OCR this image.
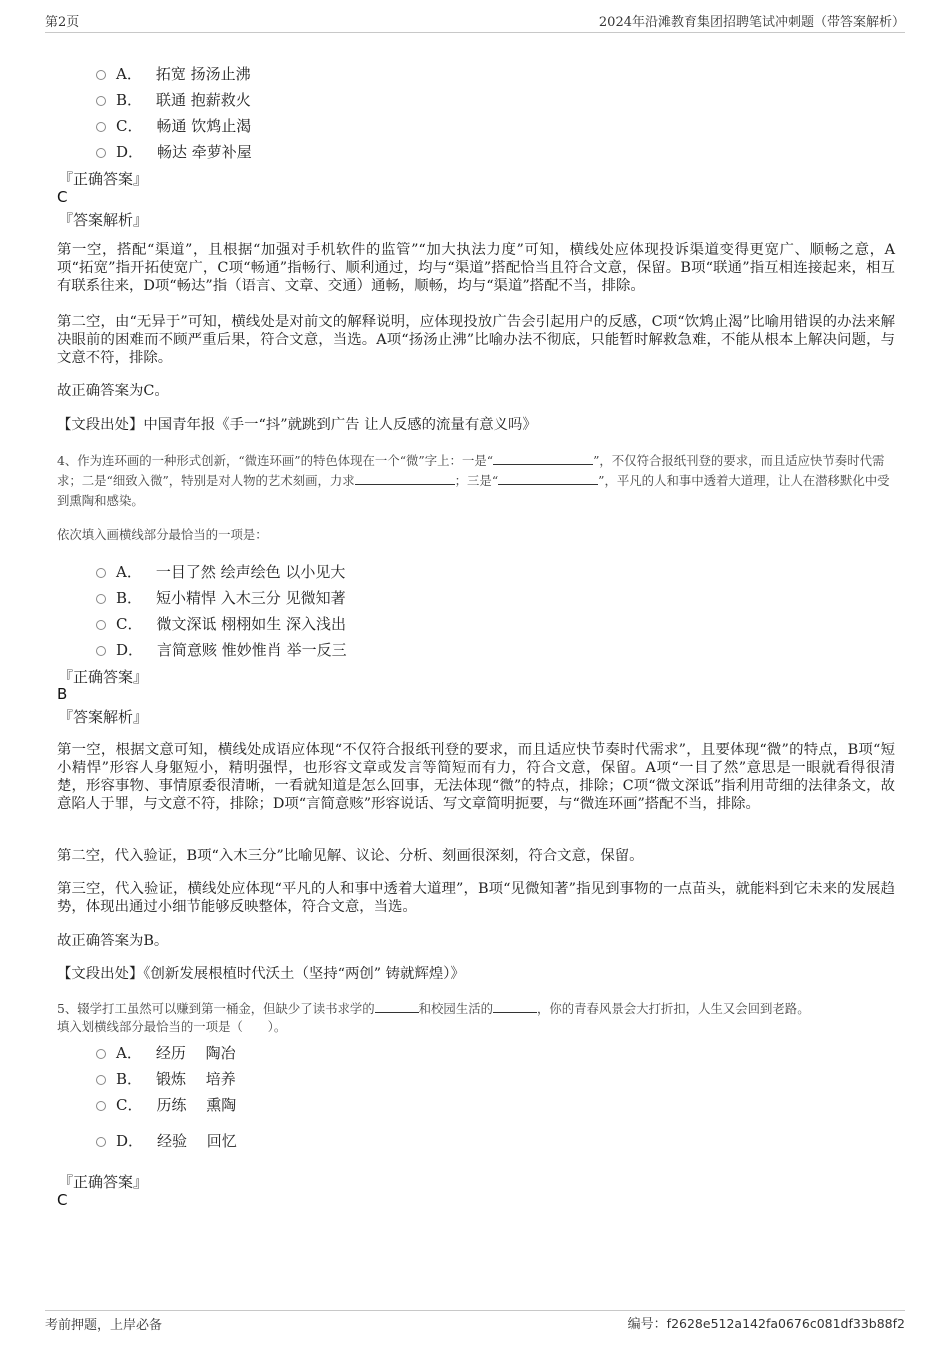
第2页	2024年沿滩教育集团招聘笔试冲刺题（带答案解析）
A． 拓宽 扬汤止沸
B． 联通 抱薪救火
C． 畅通 饮鸩止渴
D． 畅达 牵萝补屋
『正确答案』
C
『答案解析』
第一空，搭配“渠道”，且根据“加强对手机软件的监管”“加大执法力度”可知，横线处应体现投诉渠道变得更宽广、顺畅之意，A项“拓宽”指开拓使宽广，C项“畅通”指畅行、顺利通过，均与“渠道”搭配恰当且符合文意，保留。B项“联通”指互相连接起来，相互有联系往来，D项“畅达”指（语言、文章、交通）通畅，顺畅，均与“渠道”搭配不当，排除。
第二空，由“无异于”可知，横线处是对前文的解释说明，应体现投放广告会引起用户的反感，C项“饮鸩止渴”比喻用错误的办法来解决眼前的困难而不顾严重后果，符合文意，当选。A项“扬汤止沸”比喻办法不彻底，只能暂时解救急难，不能从根本上解决问题，与文意不符，排除。
故正确答案为C。
【文段出处】中国青年报《手一“抖”就跳到广告 让人反感的流量有意义吗》
4、作为连环画的一种形式创新，“微连环画”的特色体现在一个“微”字上：一是“	”，不仅符合报纸刊登的要求，而且适应快节奏时代需求；二是“细致入微”，特别是对人物的艺术刻画，力求	；三是“	”，平凡的人和事中透着大道理，让人在潜移默化中受到熏陶和感染。
依次填入画横线部分最恰当的一项是：
A． 一目了然 绘声绘色 以小见大
B． 短小精悍 入木三分 见微知著
C． 微文深诋 栩栩如生 深入浅出
D． 言简意赅 惟妙惟肖 举一反三
『正确答案』
B
『答案解析』
第一空，根据文意可知，横线处成语应体现“不仅符合报纸刊登的要求，而且适应快节奏时代需求”，且要体现“微”的特点，B项“短小精悍”形容人身躯短小，精明强悍，也形容文章或发言等简短而有力，符合文意，保留。A项“一目了然”意思是一眼就看得很清楚，形容事物、事情原委很清晰，一看就知道是怎么回事，无法体现“微”的特点，排除；C项“微文深诋”指利用苛细的法律条文，故意陷人于罪，与文意不符，排除；D项“言简意赅”形容说话、写文章简明扼要，与“微连环画”搭配不当，排除。
第二空，代入验证，B项“入木三分”比喻见解、议论、分析、刻画很深刻，符合文意，保留。
第三空，代入验证，横线处应体现“平凡的人和事中透着大道理”，B项“见微知著”指见到事物的一点苗头，就能料到它未来的发展趋势，体现出通过小细节能够反映整体，符合文意，当选。
故正确答案为B。
【文段出处】《创新发展根植时代沃土（坚持“两创” 铸就辉煌）》
5、辍学打工虽然可以赚到第一桶金，但缺少了读书求学的	和校园生活的	，你的青春风景会大打折扣，人生又会回到老路。
填入划横线部分最恰当的一项是（　　）。
A． 经历　 陶冶
B． 锻炼　 培养
C． 历练　 熏陶
D． 经验　 回忆
『正确答案』
C
考前押题，上岸必备	编号：f2628e512a142fa0676c081df33b88f2
